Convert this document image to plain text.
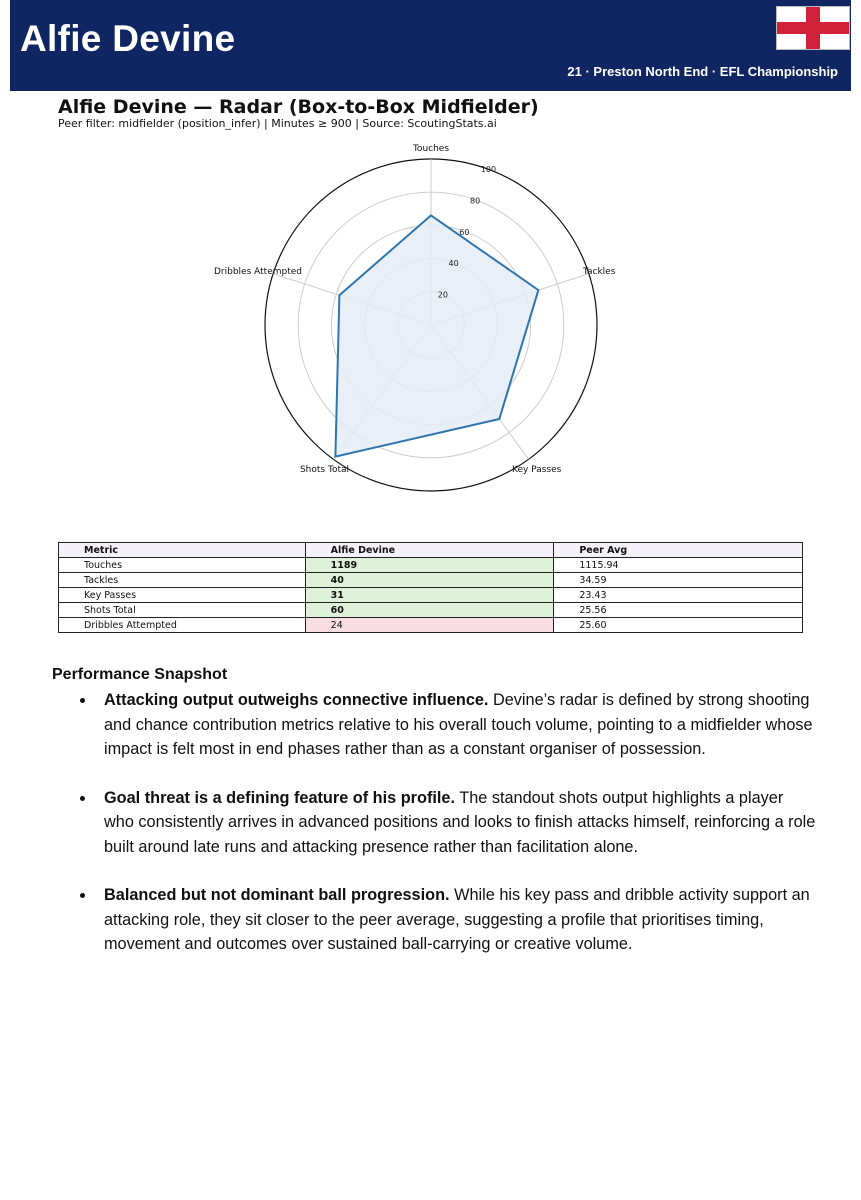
Alfie Devine
21 · Preston North End · EFL Championship
Alfie Devine — Radar (Box-to-Box Midfielder)
Peer filter: midfielder (position_infer) | Minutes ≥ 900 | Source: ScoutingStats.ai
20
40
60
80
100
Touches
Tackles
Key Passes
Shots Total
Dribbles Attempted
Metric	Alfie Devine	Peer Avg
Touches	1189	1115.94
Tackles	40	34.59
Key Passes	31	23.43
Shots Total	60	25.56
Dribbles Attempted	24	25.60
Performance Snapshot
Attacking output outweighs connective influence. Devine’s radar is defined by strong shooting and chance contribution metrics relative to his overall touch volume, pointing to a midfielder whose impact is felt most in end phases rather than as a constant organiser of possession.
Goal threat is a defining feature of his profile. The standout shots output highlights a player who consistently arrives in advanced positions and looks to finish attacks himself, reinforcing a role built around late runs and attacking presence rather than facilitation alone.
Balanced but not dominant ball progression. While his key pass and dribble activity support an attacking role, they sit closer to the peer average, suggesting a profile that prioritises timing, movement and outcomes over sustained ball-carrying or creative volume.
